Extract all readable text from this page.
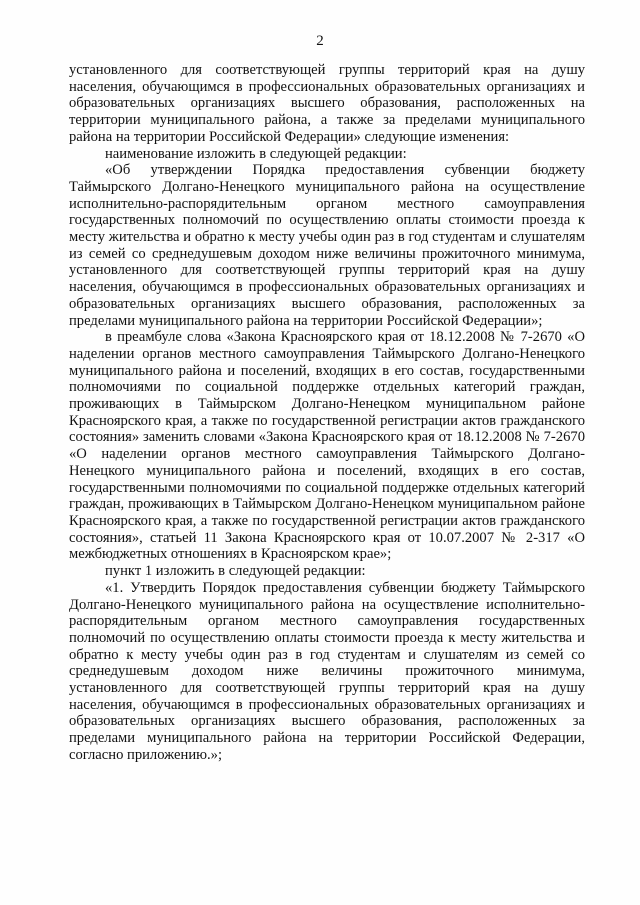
2

установленного для соответствующей группы территорий края на душу населения, обучающимся в профессиональных образовательных организациях и образовательных организациях высшего образования, расположенных на территории муниципального района, а также за пределами муниципального района на территории Российской Федерации» следующие изменения:

наименование изложить в следующей редакции:

«Об утверждении Порядка предоставления субвенции бюджету Таймырского Долгано-Ненецкого муниципального района на осуществление исполнительно-распорядительным органом местного самоуправления государственных полномочий по осуществлению оплаты стоимости проезда к месту жительства и обратно к месту учебы один раз в год студентам и слушателям из семей со среднедушевым доходом ниже величины прожиточного минимума, установленного для соответствующей группы территорий края на душу населения, обучающимся в профессиональных образовательных организациях и образовательных организациях высшего образования, расположенных за пределами муниципального района на территории Российской Федерации»;

в преамбуле слова «Закона Красноярского края от 18.12.2008 № 7-2670 «О наделении органов местного самоуправления Таймырского Долгано-Ненецкого муниципального района и поселений, входящих в его состав, государственными полномочиями по социальной поддержке отдельных категорий граждан, проживающих в Таймырском Долгано-Ненецком муниципальном районе Красноярского края, а также по государственной регистрации актов гражданского состояния» заменить словами «Закона Красноярского края от 18.12.2008 № 7-2670 «О наделении органов местного самоуправления Таймырского Долгано-Ненецкого муниципального района и поселений, входящих в его состав, государственными полномочиями по социальной поддержке отдельных категорий граждан, проживающих в Таймырском Долгано-Ненецком муниципальном районе Красноярского края, а также по государственной регистрации актов гражданского состояния», статьей 11 Закона Красноярского края от 10.07.2007 № 2-317 «О межбюджетных отношениях в Красноярском крае»;

пункт 1 изложить в следующей редакции:

«1. Утвердить Порядок предоставления субвенции бюджету Таймырского Долгано-Ненецкого муниципального района на осуществление исполнительно-распорядительным органом местного самоуправления государственных полномочий по осуществлению оплаты стоимости проезда к месту жительства и обратно к месту учебы один раз в год студентам и слушателям из семей со среднедушевым доходом ниже величины прожиточного минимума, установленного для соответствующей группы территорий края на душу населения, обучающимся в профессиональных образовательных организациях и образовательных организациях высшего образования, расположенных за пределами муниципального района на территории Российской Федерации, согласно приложению.»;
